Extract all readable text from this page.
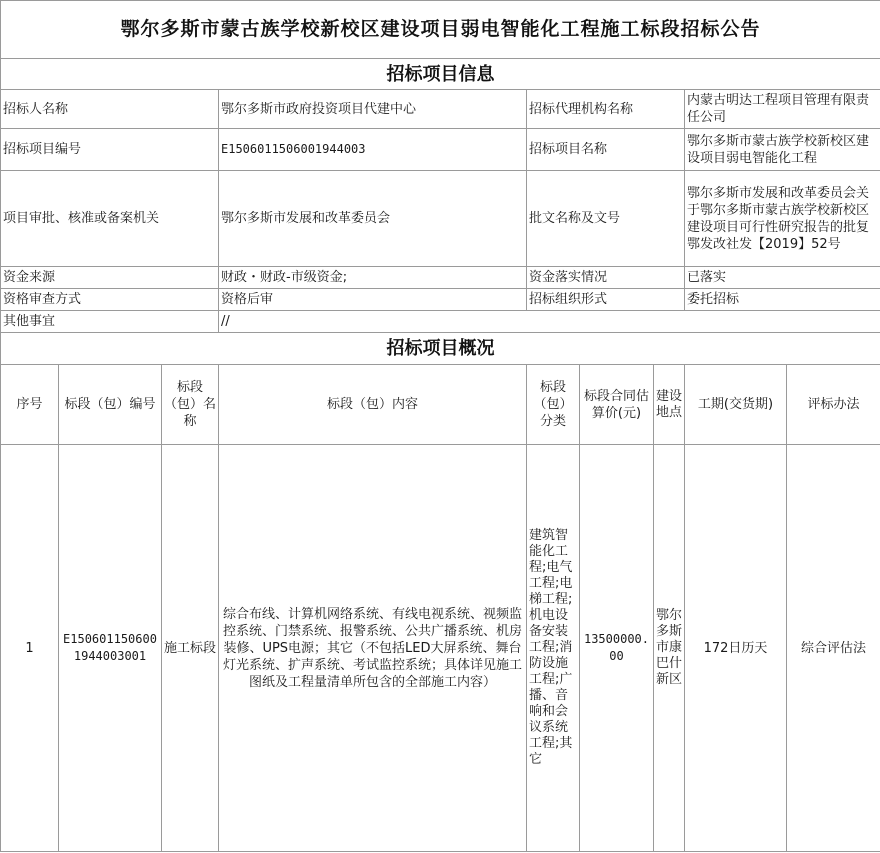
鄂尔多斯市蒙古族学校新校区建设项目弱电智能化工程施工标段招标公告								
招标项目信息								
招标人名称			鄂尔多斯市政府投资项目代建中心	招标代理机构名称			内蒙古明达工程项目管理有限责任公司	
招标项目编号			E1506011506001944003	招标项目名称			鄂尔多斯市蒙古族学校新校区建设项目弱电智能化工程	
项目审批、核准或备案机关			鄂尔多斯市发展和改革委员会	批文名称及文号			鄂尔多斯市发展和改革委员会关于鄂尔多斯市蒙古族学校新校区建设项目可行性研究报告的批复 鄂发改社发【2019】52号	
资金来源			财政・财政-市级资金;	资金落实情况			已落实	
资格审查方式			资格后审	招标组织形式			委托招标	
其他事宜			//					
招标项目概况								
序号	标段（包）编号	标段（包）名称	标段（包）内容	标段（包）分类	标段合同估算价(元)	建设地点	工期(交货期)	评标办法
1	E1506011506001944003001	施工标段	综合布线、计算机网络系统、有线电视系统、视频监控系统、门禁系统、报警系统、公共广播系统、机房装修、UPS电源；其它（不包括LED大屏系统、舞台灯光系统、扩声系统、考试监控系统；具体详见施工图纸及工程量清单所包含的全部施工内容）	建筑智能化工程;电气工程;电梯工程;机电设备安装工程;消防设施工程;广播、音响和会议系统工程;其它	13500000.00	鄂尔多斯市康巴什新区	172日历天	综合评估法
